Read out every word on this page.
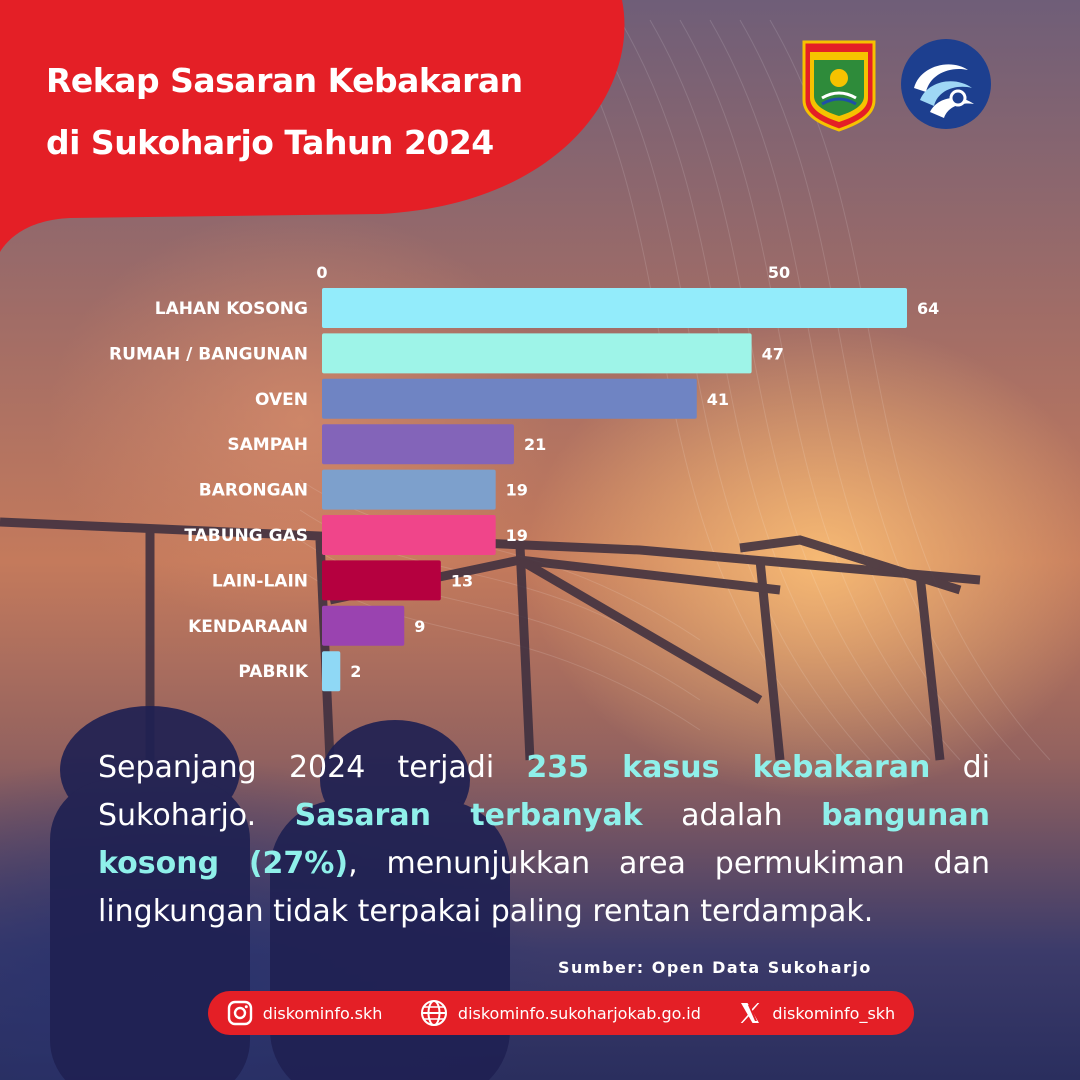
Rekap Sasaran Kebakaran
di Sukoharjo Tahun 2024
0	50
LAHAN KOSONG	64
RUMAH / BANGUNAN	47
OVEN	41
SAMPAH	21
BARONGAN	19
TABUNG GAS	19
LAIN-LAIN	13
KENDARAAN	9
PABRIK	2

Sepanjang 2024 terjadi 235 kasus kebakaran di Sukoharjo. Sasaran terbanyak adalah bangunan kosong (27%), menunjukkan area permukiman dan lingkungan tidak terpakai paling rentan terdampak.

Sumber: Open Data Sukoharjo
diskominfo.skh	diskominfo.sukoharjokab.go.id	diskominfo_skh
